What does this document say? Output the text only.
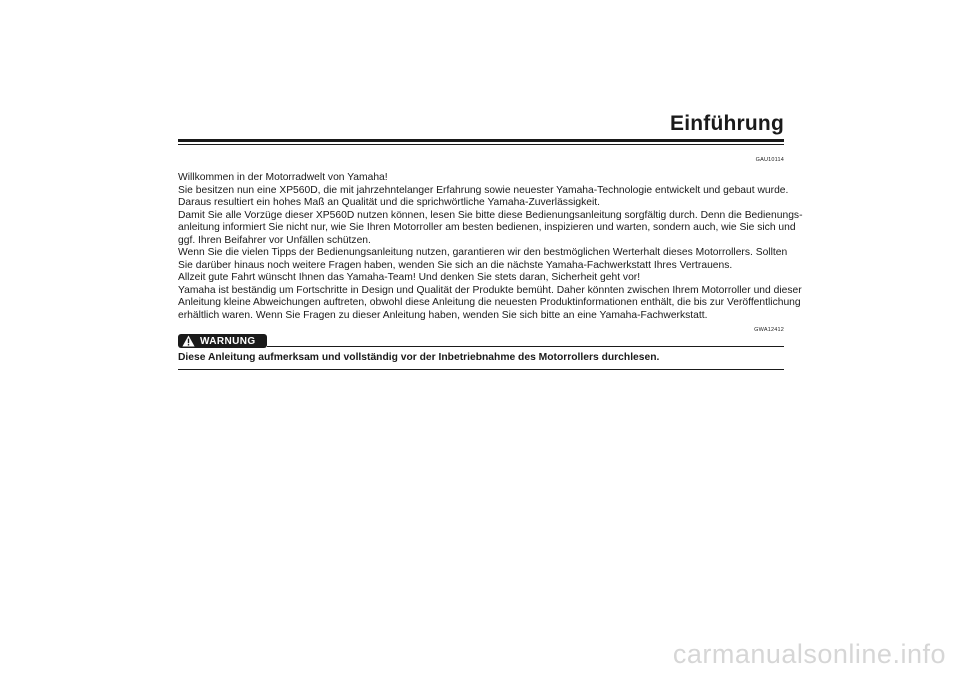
Einführung
GAU10114

Willkommen in der Motorradwelt von Yamaha!

Sie besitzen nun eine XP560D, die mit jahrzehntelanger Erfahrung sowie neuester Yamaha-Technologie entwickelt und gebaut wurde.

Daraus resultiert ein hohes Maß an Qualität und die sprichwörtliche Yamaha-Zuverlässigkeit.

Damit Sie alle Vorzüge dieser XP560D nutzen können, lesen Sie bitte diese Bedienungsanleitung sorgfältig durch. Denn die Bedienungs-

anleitung informiert Sie nicht nur, wie Sie Ihren Motorroller am besten bedienen, inspizieren und warten, sondern auch, wie Sie sich und

ggf. Ihren Beifahrer vor Unfällen schützen.

Wenn Sie die vielen Tipps der Bedienungsanleitung nutzen, garantieren wir den bestmöglichen Werterhalt dieses Motorrollers. Sollten

Sie darüber hinaus noch weitere Fragen haben, wenden Sie sich an die nächste Yamaha-Fachwerkstatt Ihres Vertrauens.

Allzeit gute Fahrt wünscht Ihnen das Yamaha-Team! Und denken Sie stets daran, Sicherheit geht vor!

Yamaha ist beständig um Fortschritte in Design und Qualität der Produkte bemüht. Daher könnten zwischen Ihrem Motorroller und dieser

Anleitung kleine Abweichungen auftreten, obwohl diese Anleitung die neuesten Produktinformationen enthält, die bis zur Veröffentlichung

erhältlich waren. Wenn Sie Fragen zu dieser Anleitung haben, wenden Sie sich bitte an eine Yamaha-Fachwerkstatt.

GWA12412
WARNUNG

Diese Anleitung aufmerksam und vollständig vor der Inbetriebnahme des Motorrollers durchlesen.

carmanualsonline.info
